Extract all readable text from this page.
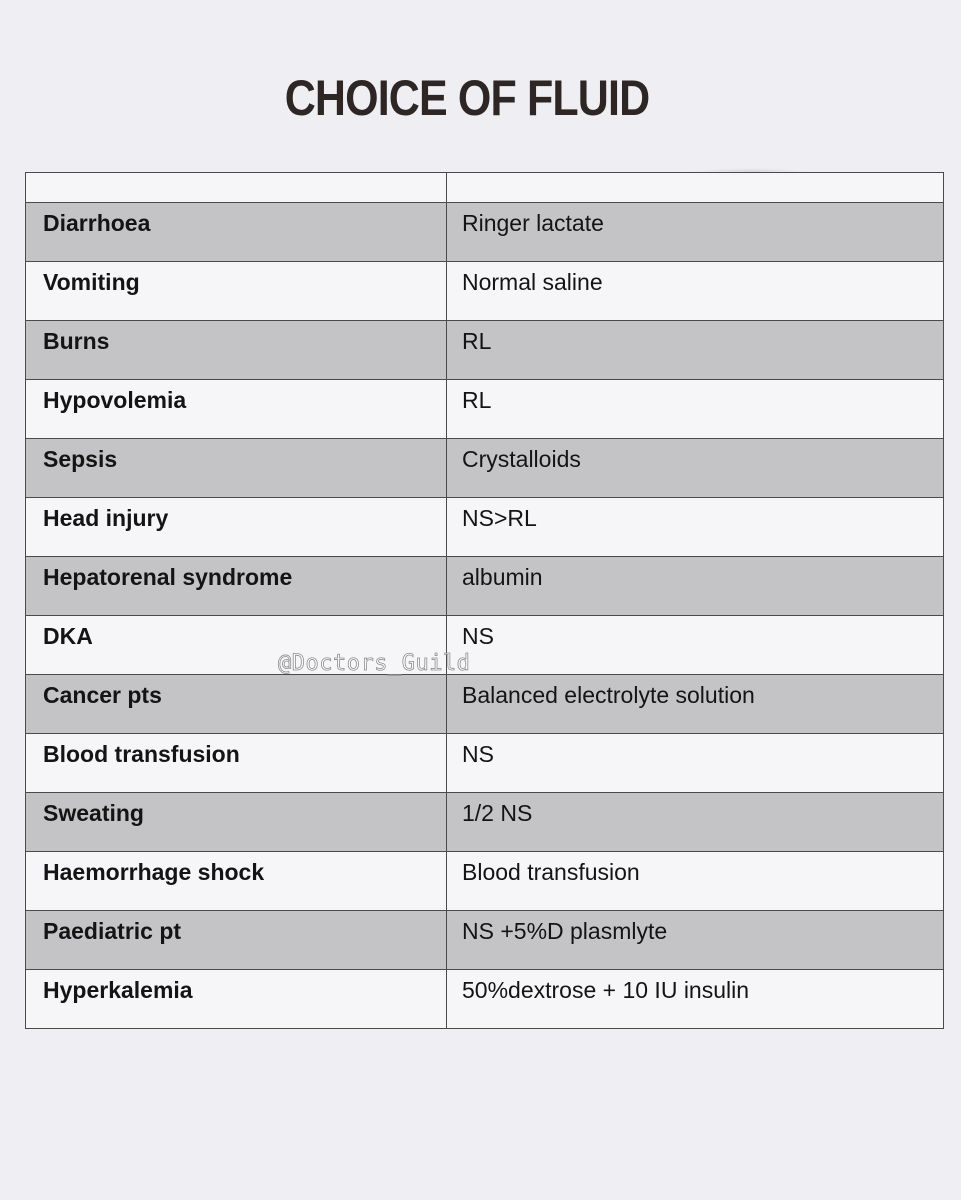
CHOICE OF FLUID

Diarrhoea	Ringer lactate

Vomiting	Normal saline

Burns	RL

Hypovolemia	RL

Sepsis	Crystalloids

Head injury	NS>RL

Hepatorenal syndrome	albumin

DKA	NS

Cancer pts	Balanced electrolyte solution

Blood transfusion	NS

Sweating	1/2 NS

Haemorrhage shock	Blood transfusion

Paediatric pt	NS +5%D plasmlyte

Hyperkalemia	50%dextrose + 10 IU insulin
@Doctors_Guild
